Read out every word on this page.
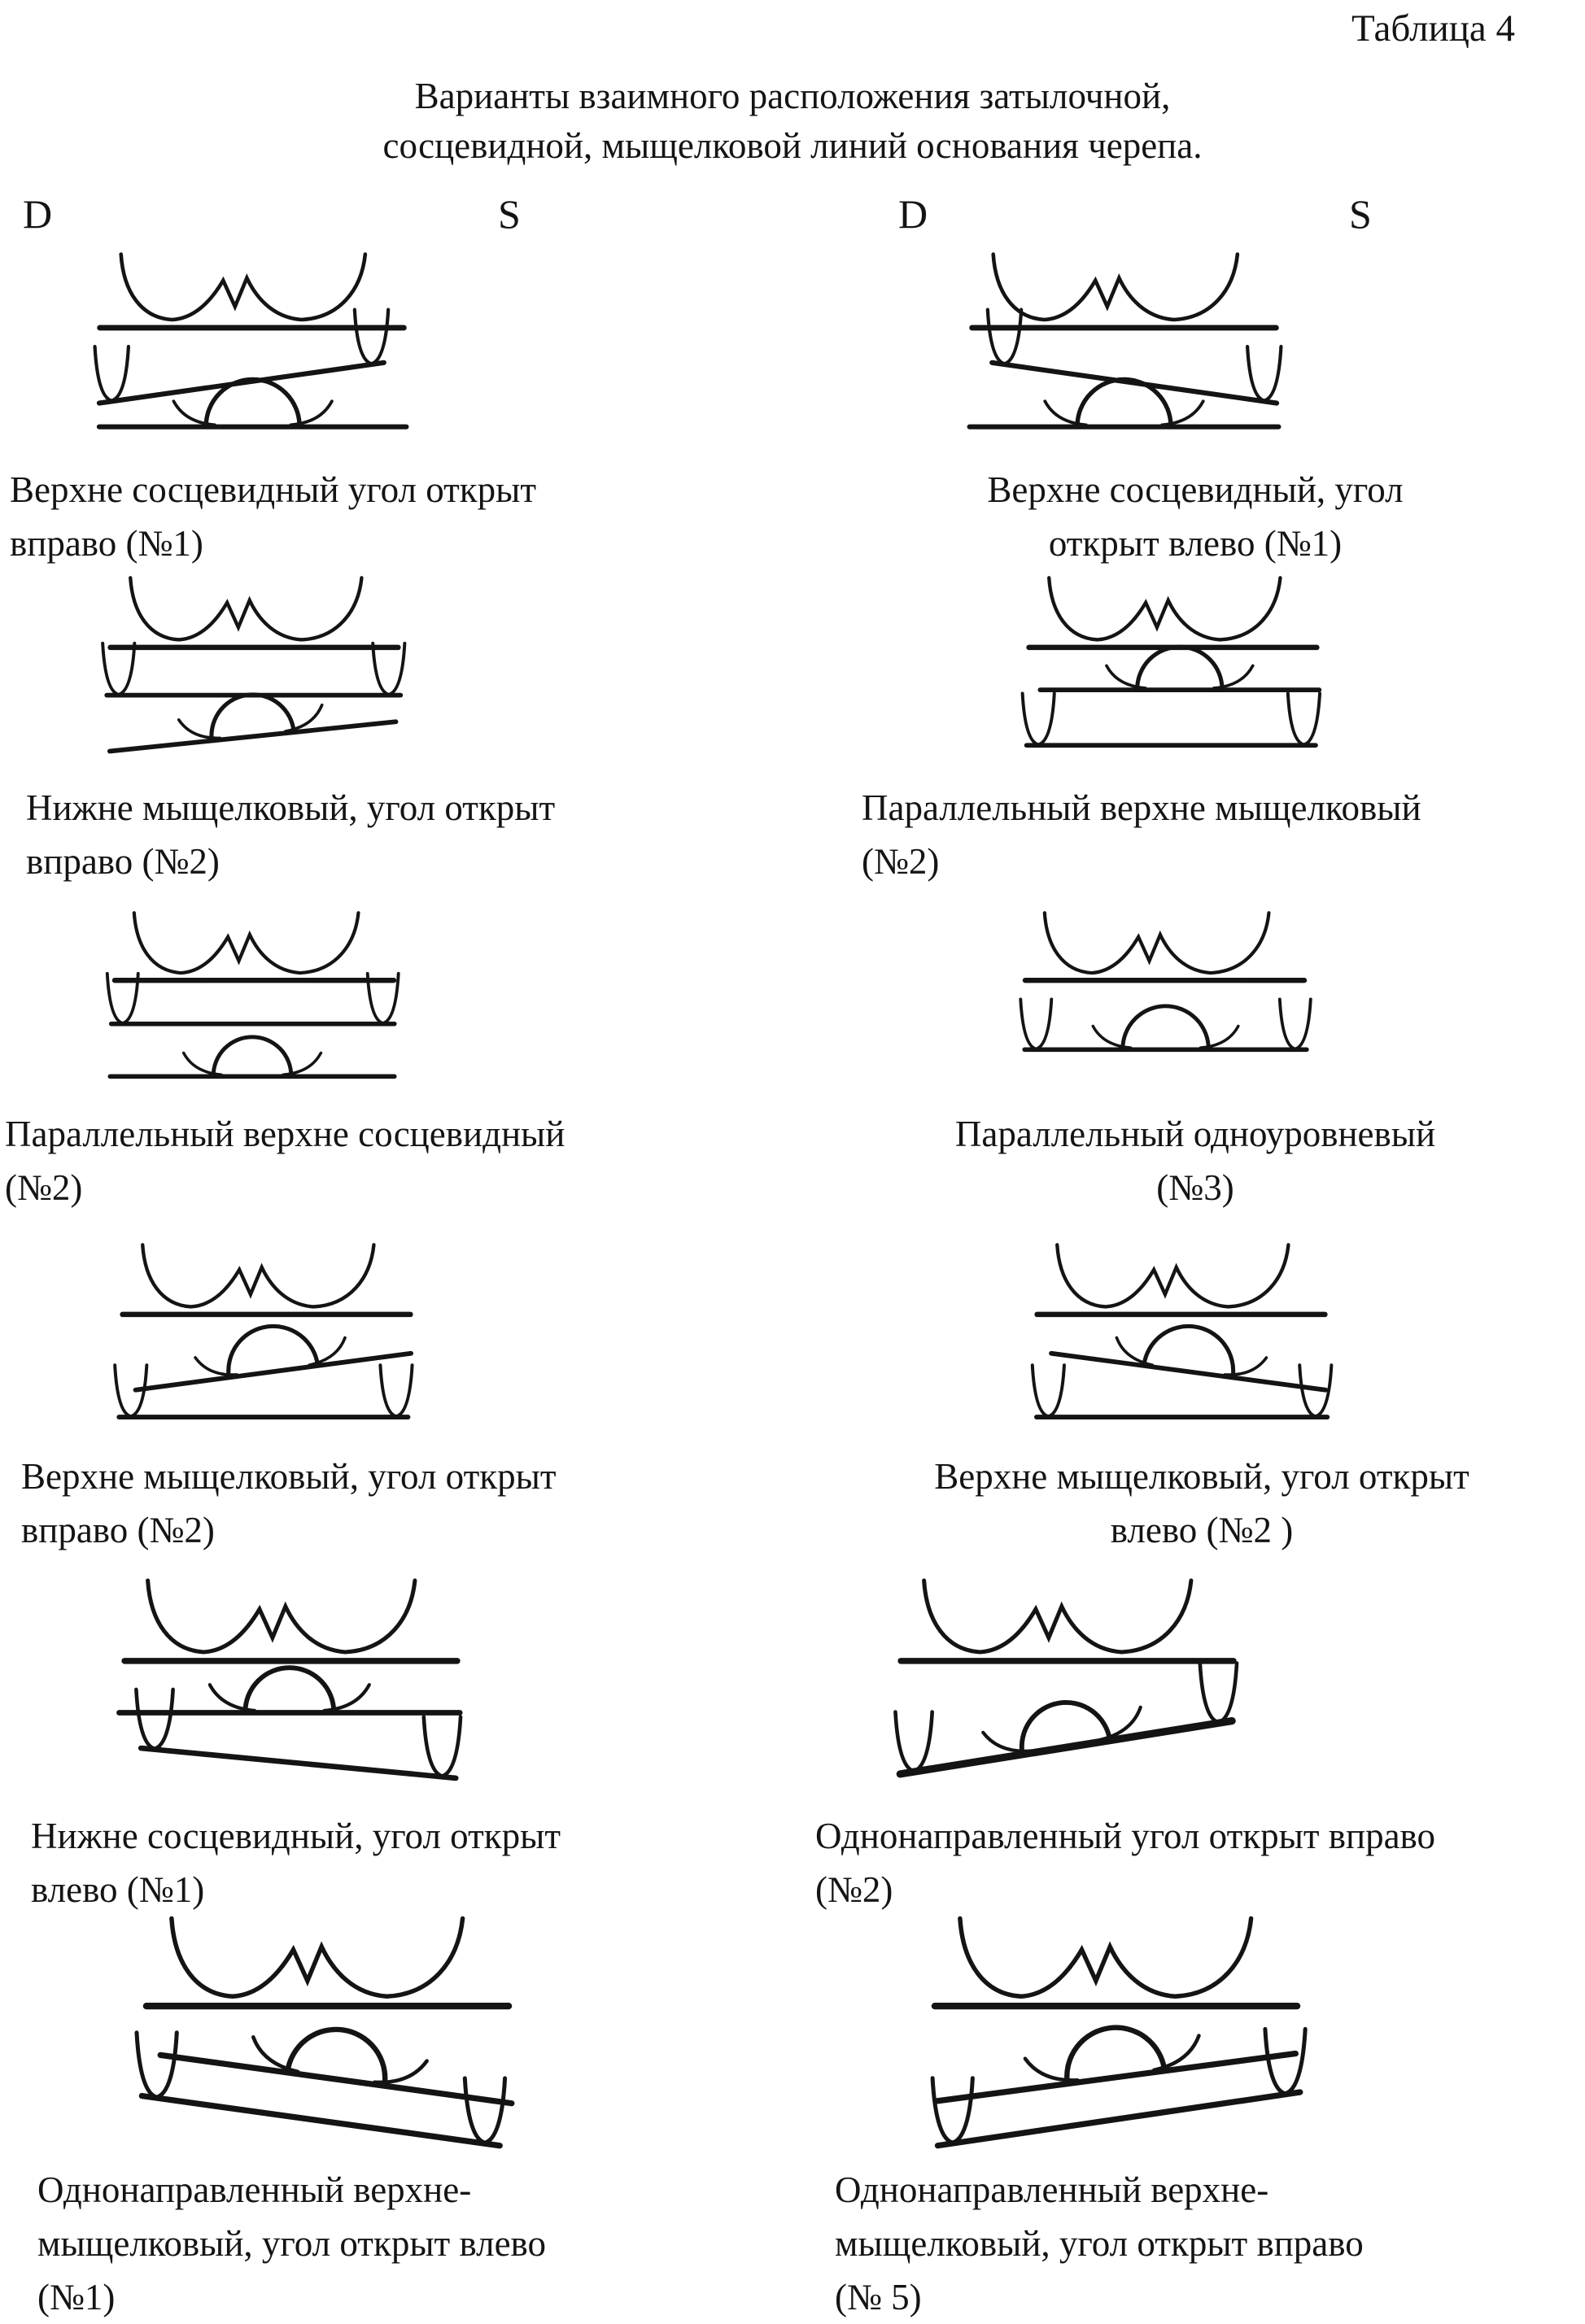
Таблица 4
Варианты взаимного расположения затылочной,
сосцевидной, мыщелковой линий основания черепа.
D	S	D	S
Верхне сосцевидный угол открыт
вправо (№1)
Верхне сосцевидный, угол
открыт влево (№1)
Нижне мыщелковый, угол открыт
вправо (№2)
Параллельный верхне мыщелковый
(№2)
Параллельный верхне сосцевидный
(№2)
Параллельный одноуровневый
(№3)
Верхне мыщелковый, угол открыт
вправо (№2)
Верхне мыщелковый, угол открыт
влево (№2 )
Нижне сосцевидный, угол открыт
влево (№1)
Однонаправленный угол открыт вправо
(№2)
Однонаправленный верхне-
мыщелковый, угол открыт влево
(№1)
Однонаправленный верхне-
мыщелковый, угол открыт вправо
(№ 5)
